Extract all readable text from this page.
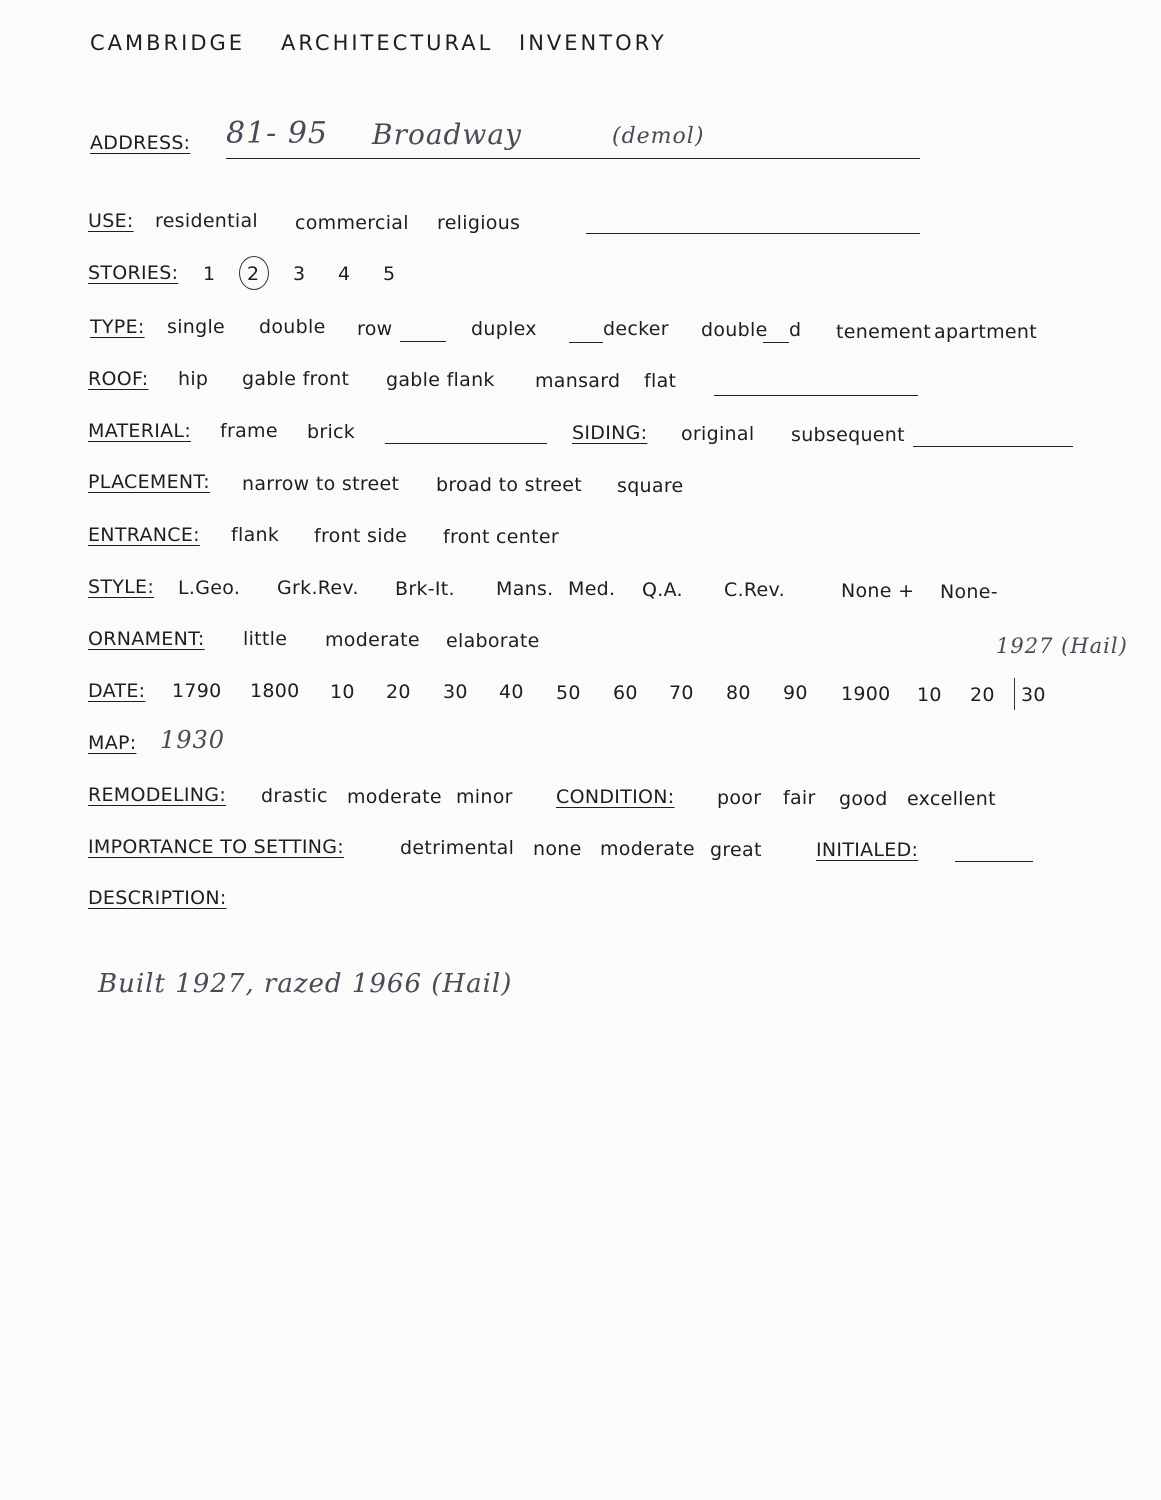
CAMBRIDGE ARCHITECTURAL INVENTORY
ADDRESS: 81- 95 Broadway	(demol)
USE: residential commercial religious
STORIES: 1 2 3 4 5
TYPE: single double row	duplex	decker double d tenement apartment
ROOF: hip gable front gable flank mansard flat
MATERIAL: frame brick	SIDING: original subsequent
PLACEMENT: narrow to street broad to street square
ENTRANCE: flank front side front center
STYLE: L.Geo. Grk.Rev. Brk-It. Mans. Med. Q.A. C.Rev.	None + None-
ORNAMENT: little moderate elaborate	1927 (Hail)
DATE: 1790 1800 10 20 30 40 50 60 70 80 90 1900 10 20 30
MAP: 1930
REMODELING: drastic moderate minor CONDITION: poor fair good excellent
IMPORTANCE TO SETTING:	detrimental none moderate great	INITIALED:
DESCRIPTION:
Built 1927, razed 1966 (Hail)
